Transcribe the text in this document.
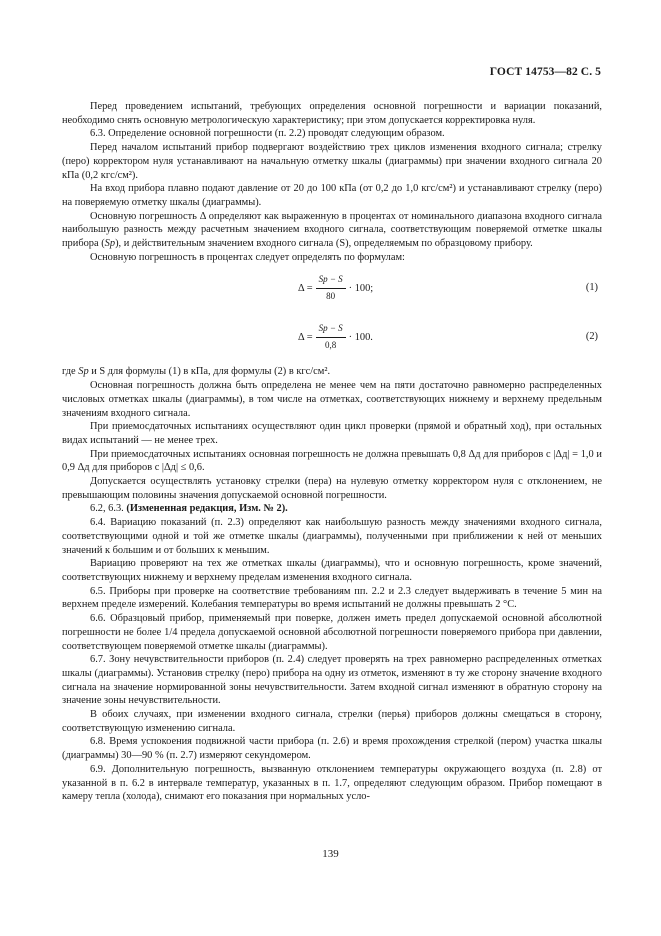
ГОСТ 14753—82 С. 5

Перед проведением испытаний, требующих определения основной погрешности и вариации показаний, необходимо снять основную метрологическую характеристику; при этом допускается корректировка нуля.

6.3. Определение основной погрешности (п. 2.2) проводят следующим образом.

Перед началом испытаний прибор подвергают воздействию трех циклов изменения входного сигнала; стрелку (перо) корректором нуля устанавливают на начальную отметку шкалы (диаграммы) при значении входного сигнала 20 кПа (0,2 кгс/см²).

На вход прибора плавно подают давление от 20 до 100 кПа (от 0,2 до 1,0 кгс/см²) и устанавливают стрелку (перо) на поверяемую отметку шкалы (диаграммы).

Основную погрешность Δ определяют как выраженную в процентах от номинального диапазона входного сигнала наибольшую разность между расчетным значением входного сигнала, соответствующим поверяемой отметке шкалы прибора (Sр), и действительным значением входного сигнала (S), определяемым по образцовому прибору.

Основную погрешность в процентах следует определять по формулам:

$\Delta = \frac{Sр - S}{80} \cdot 100$;	(1)
$\Delta = \frac{Sр - S}{0,8} \cdot 100$.	(2)

где Sр и S для формулы (1) в кПа, для формулы (2) в кгс/см².

Основная погрешность должна быть определена не менее чем на пяти достаточно равномерно распределенных числовых отметках шкалы (диаграммы), в том числе на отметках, соответствующих нижнему и верхнему предельным значениям входного сигнала.

При приемосдаточных испытаниях осуществляют один цикл проверки (прямой и обратный ход), при остальных видах испытаний — не менее трех.

При приемосдаточных испытаниях основная погрешность не должна превышать 0,8 Δд для приборов с |Δд| = 1,0 и 0,9 Δд для приборов с |Δд| ≤ 0,6.

Допускается осуществлять установку стрелки (пера) на нулевую отметку корректором нуля с отклонением, не превышающим половины значения допускаемой основной погрешности.

6.2, 6.3. (Измененная редакция, Изм. № 2).

6.4. Вариацию показаний (п. 2.3) определяют как наибольшую разность между значениями входного сигнала, соответствующими одной и той же отметке шкалы (диаграммы), полученными при приближении к ней от меньших значений к большим и от больших к меньшим.

Вариацию проверяют на тех же отметках шкалы (диаграммы), что и основную погрешность, кроме значений, соответствующих нижнему и верхнему пределам изменения входного сигнала.

6.5. Приборы при проверке на соответствие требованиям пп. 2.2 и 2.3 следует выдерживать в течение 5 мин на верхнем пределе измерений. Колебания температуры во время испытаний не должны превышать 2 °С.

6.6. Образцовый прибор, применяемый при поверке, должен иметь предел допускаемой основной абсолютной погрешности не более 1/4 предела допускаемой основной абсолютной погрешности поверяемого прибора при давлении, соответствующем поверяемой отметке шкалы (диаграммы).

6.7. Зону нечувствительности приборов (п. 2.4) следует проверять на трех равномерно распределенных отметках шкалы (диаграммы). Установив стрелку (перо) прибора на одну из отметок, изменяют в ту же сторону значение входного сигнала на значение нормированной зоны нечувствительности. Затем входной сигнал изменяют в обратную сторону на значение зоны нечувствительности.

В обоих случаях, при изменении входного сигнала, стрелки (перья) приборов должны смещаться в сторону, соответствующую изменению сигнала.

6.8. Время успокоения подвижной части прибора (п. 2.6) и время прохождения стрелкой (пером) участка шкалы (диаграммы) 30—90 % (п. 2.7) измеряют секундомером.

6.9. Дополнительную погрешность, вызванную отклонением температуры окружающего воздуха (п. 2.8) от указанной в п. 6.2 в интервале температур, указанных в п. 1.7, определяют следующим образом. Прибор помещают в камеру тепла (холода), снимают его показания при нормальных усло-

139
